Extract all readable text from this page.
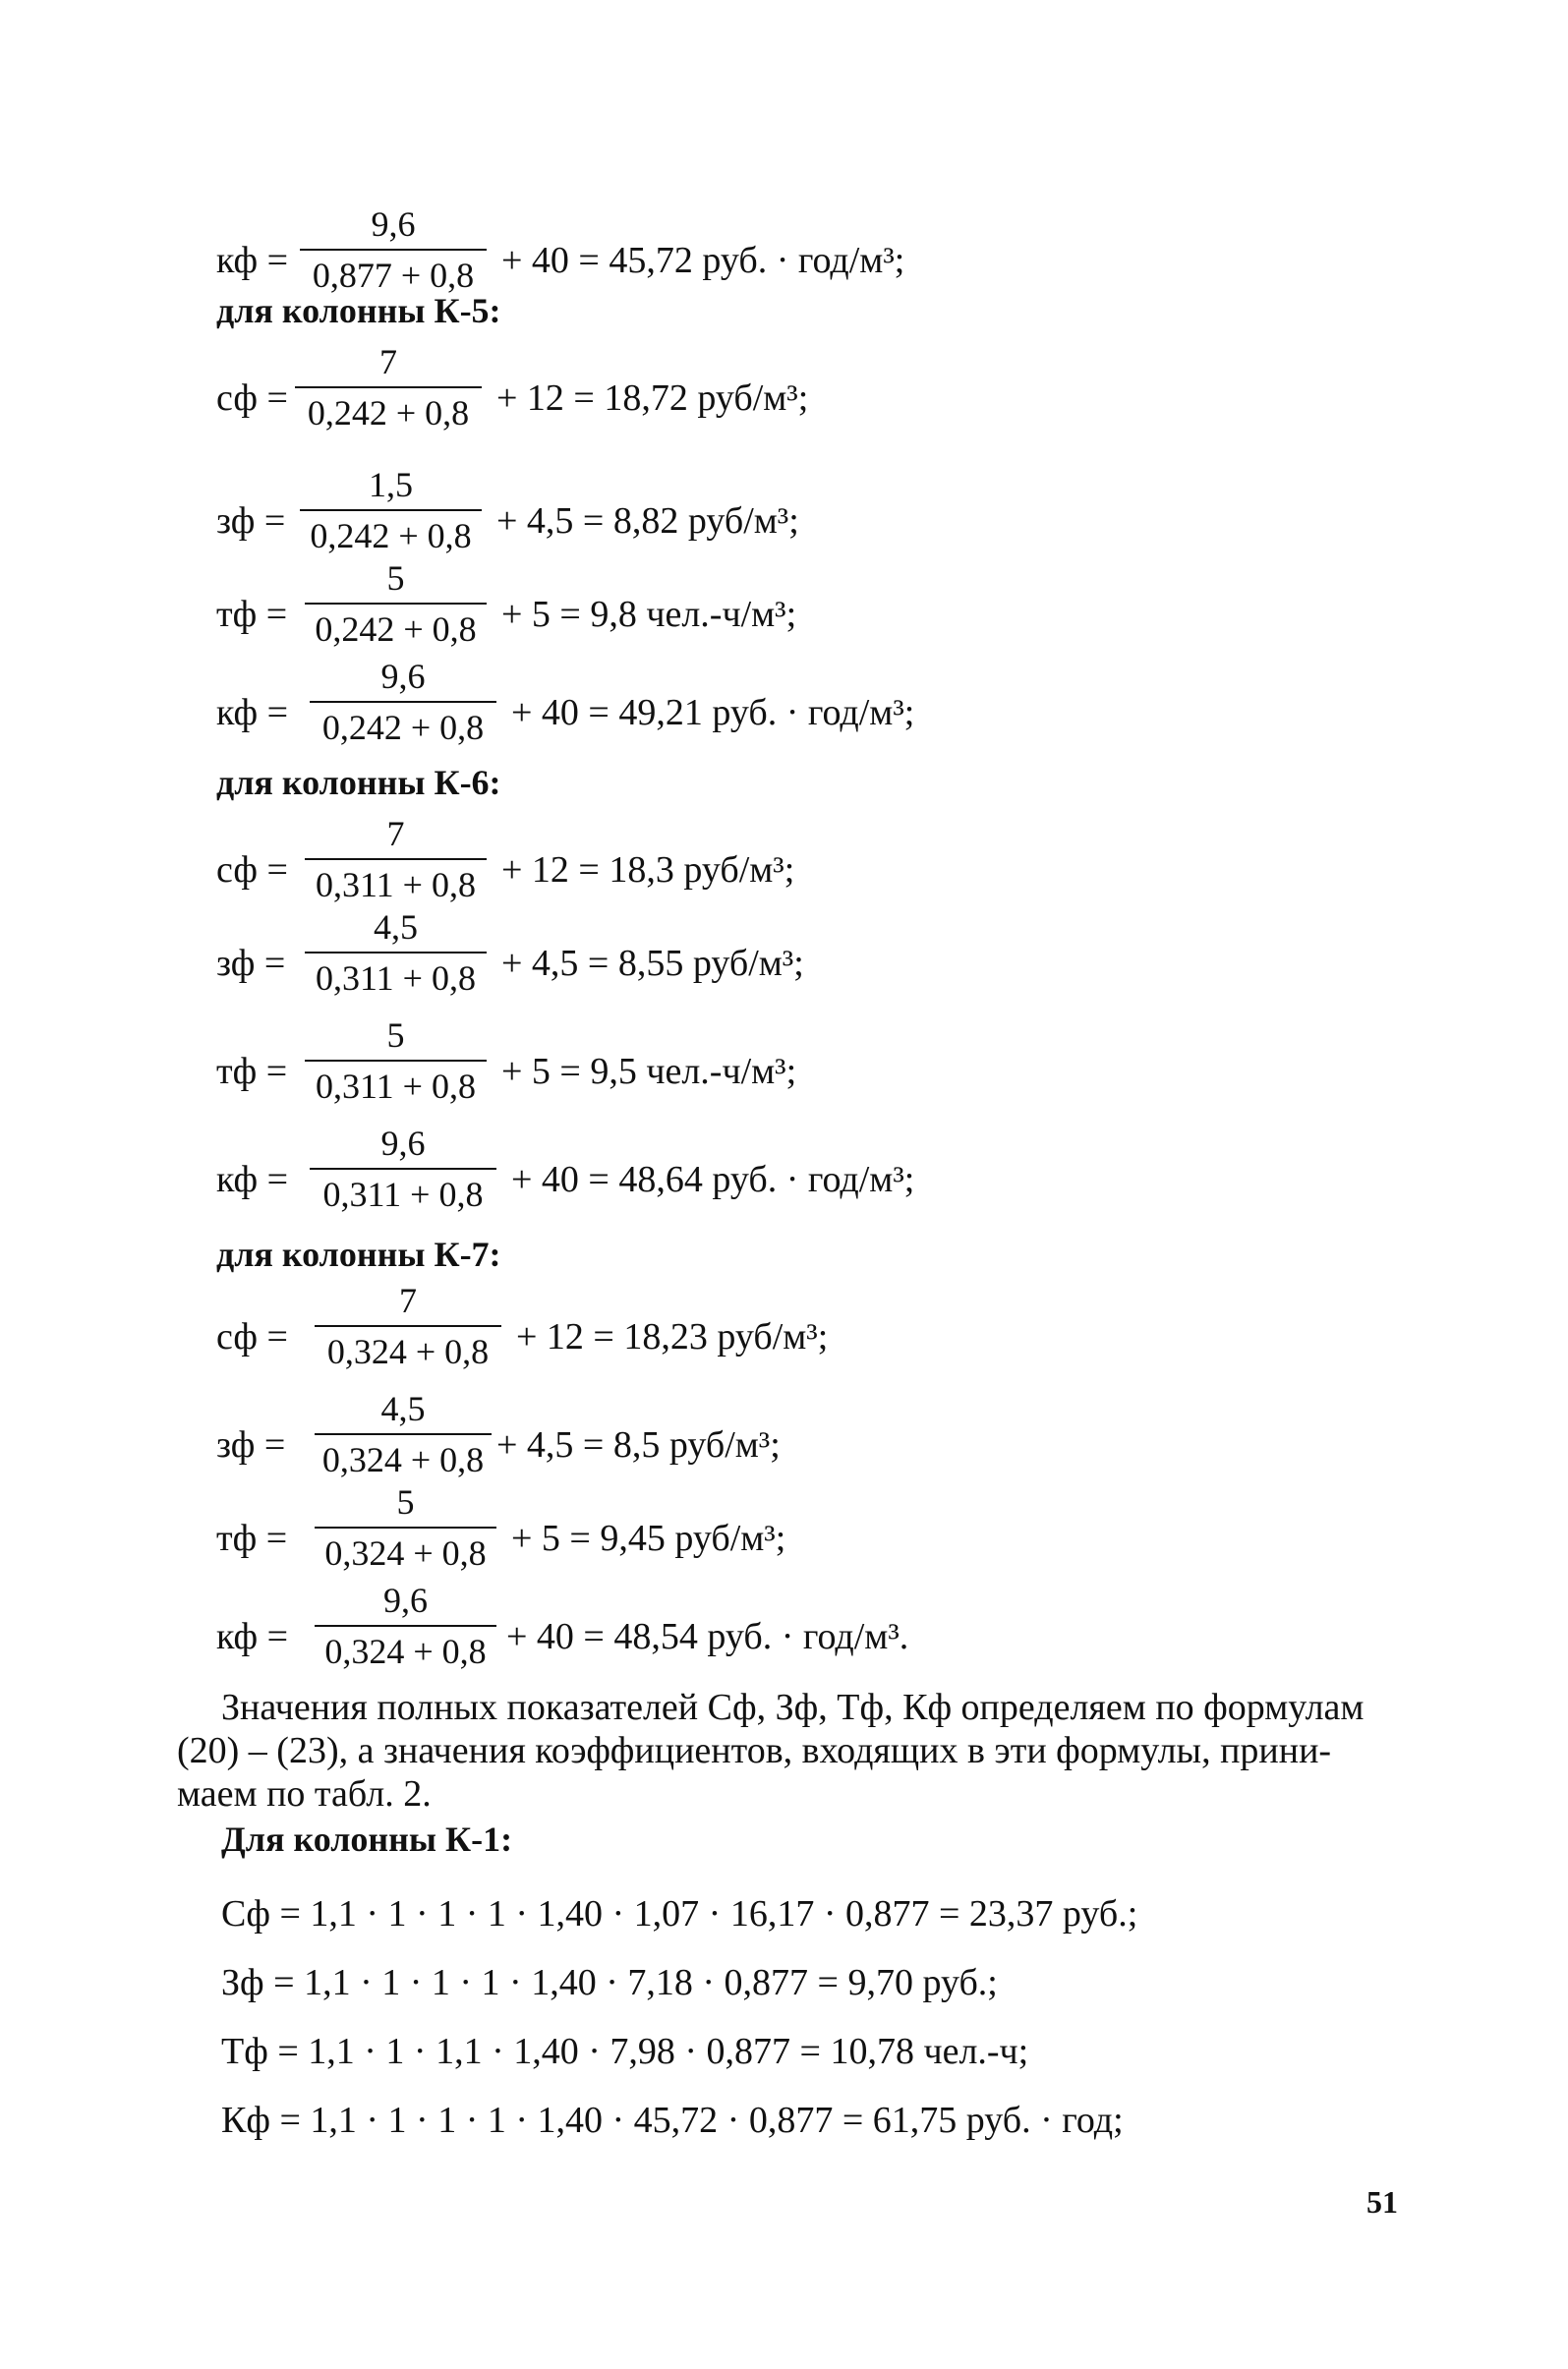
кф =
9,6
0,877 + 0,8 + 40 = 45,72 руб. · год/м³;
для колонны К-5:
сф =
7
0,242 + 0,8 + 12 = 18,72 руб/м³;
зф =
1,5
0,242 + 0,8 + 4,5 = 8,82 руб/м³;
тф =
5
0,242 + 0,8 + 5 = 9,8 чел.-ч/м³;
кф =
9,6
0,242 + 0,8 + 40 = 49,21 руб. · год/м³;
для колонны К-6:
сф =
7
0,311 + 0,8 + 12 = 18,3 руб/м³;
зф =
4,5
0,311 + 0,8 + 4,5 = 8,55 руб/м³;
тф =
5
0,311 + 0,8 + 5 = 9,5 чел.-ч/м³;
кф =
9,6
0,311 + 0,8 + 40 = 48,64 руб. · год/м³;
для колонны К-7:
сф =
7
0,324 + 0,8 + 12 = 18,23 руб/м³;
зф =
4,5
0,324 + 0,8 + 4,5 = 8,5 руб/м³;
тф =
5
0,324 + 0,8 + 5 = 9,45 руб/м³;
кф =
9,6
0,324 + 0,8 + 40 = 48,54 руб. · год/м³.
Значения полных показателей Сф, Зф, Тф, Кф определяем по формулам
(20) – (23), а значения коэффициентов, входящих в эти формулы, прини-
маем по табл. 2.
Для колонны К-1:
Сф = 1,1 · 1 · 1 · 1 · 1,40 · 1,07 · 16,17 · 0,877 = 23,37 руб.;
Зф = 1,1 · 1 · 1 · 1 · 1,40 · 7,18 · 0,877 = 9,70 руб.;
Тф = 1,1 · 1 · 1,1 · 1,40 · 7,98 · 0,877 = 10,78 чел.-ч;
Кф = 1,1 · 1 · 1 · 1 · 1,40 · 45,72 · 0,877 = 61,75 руб. · год;
51
